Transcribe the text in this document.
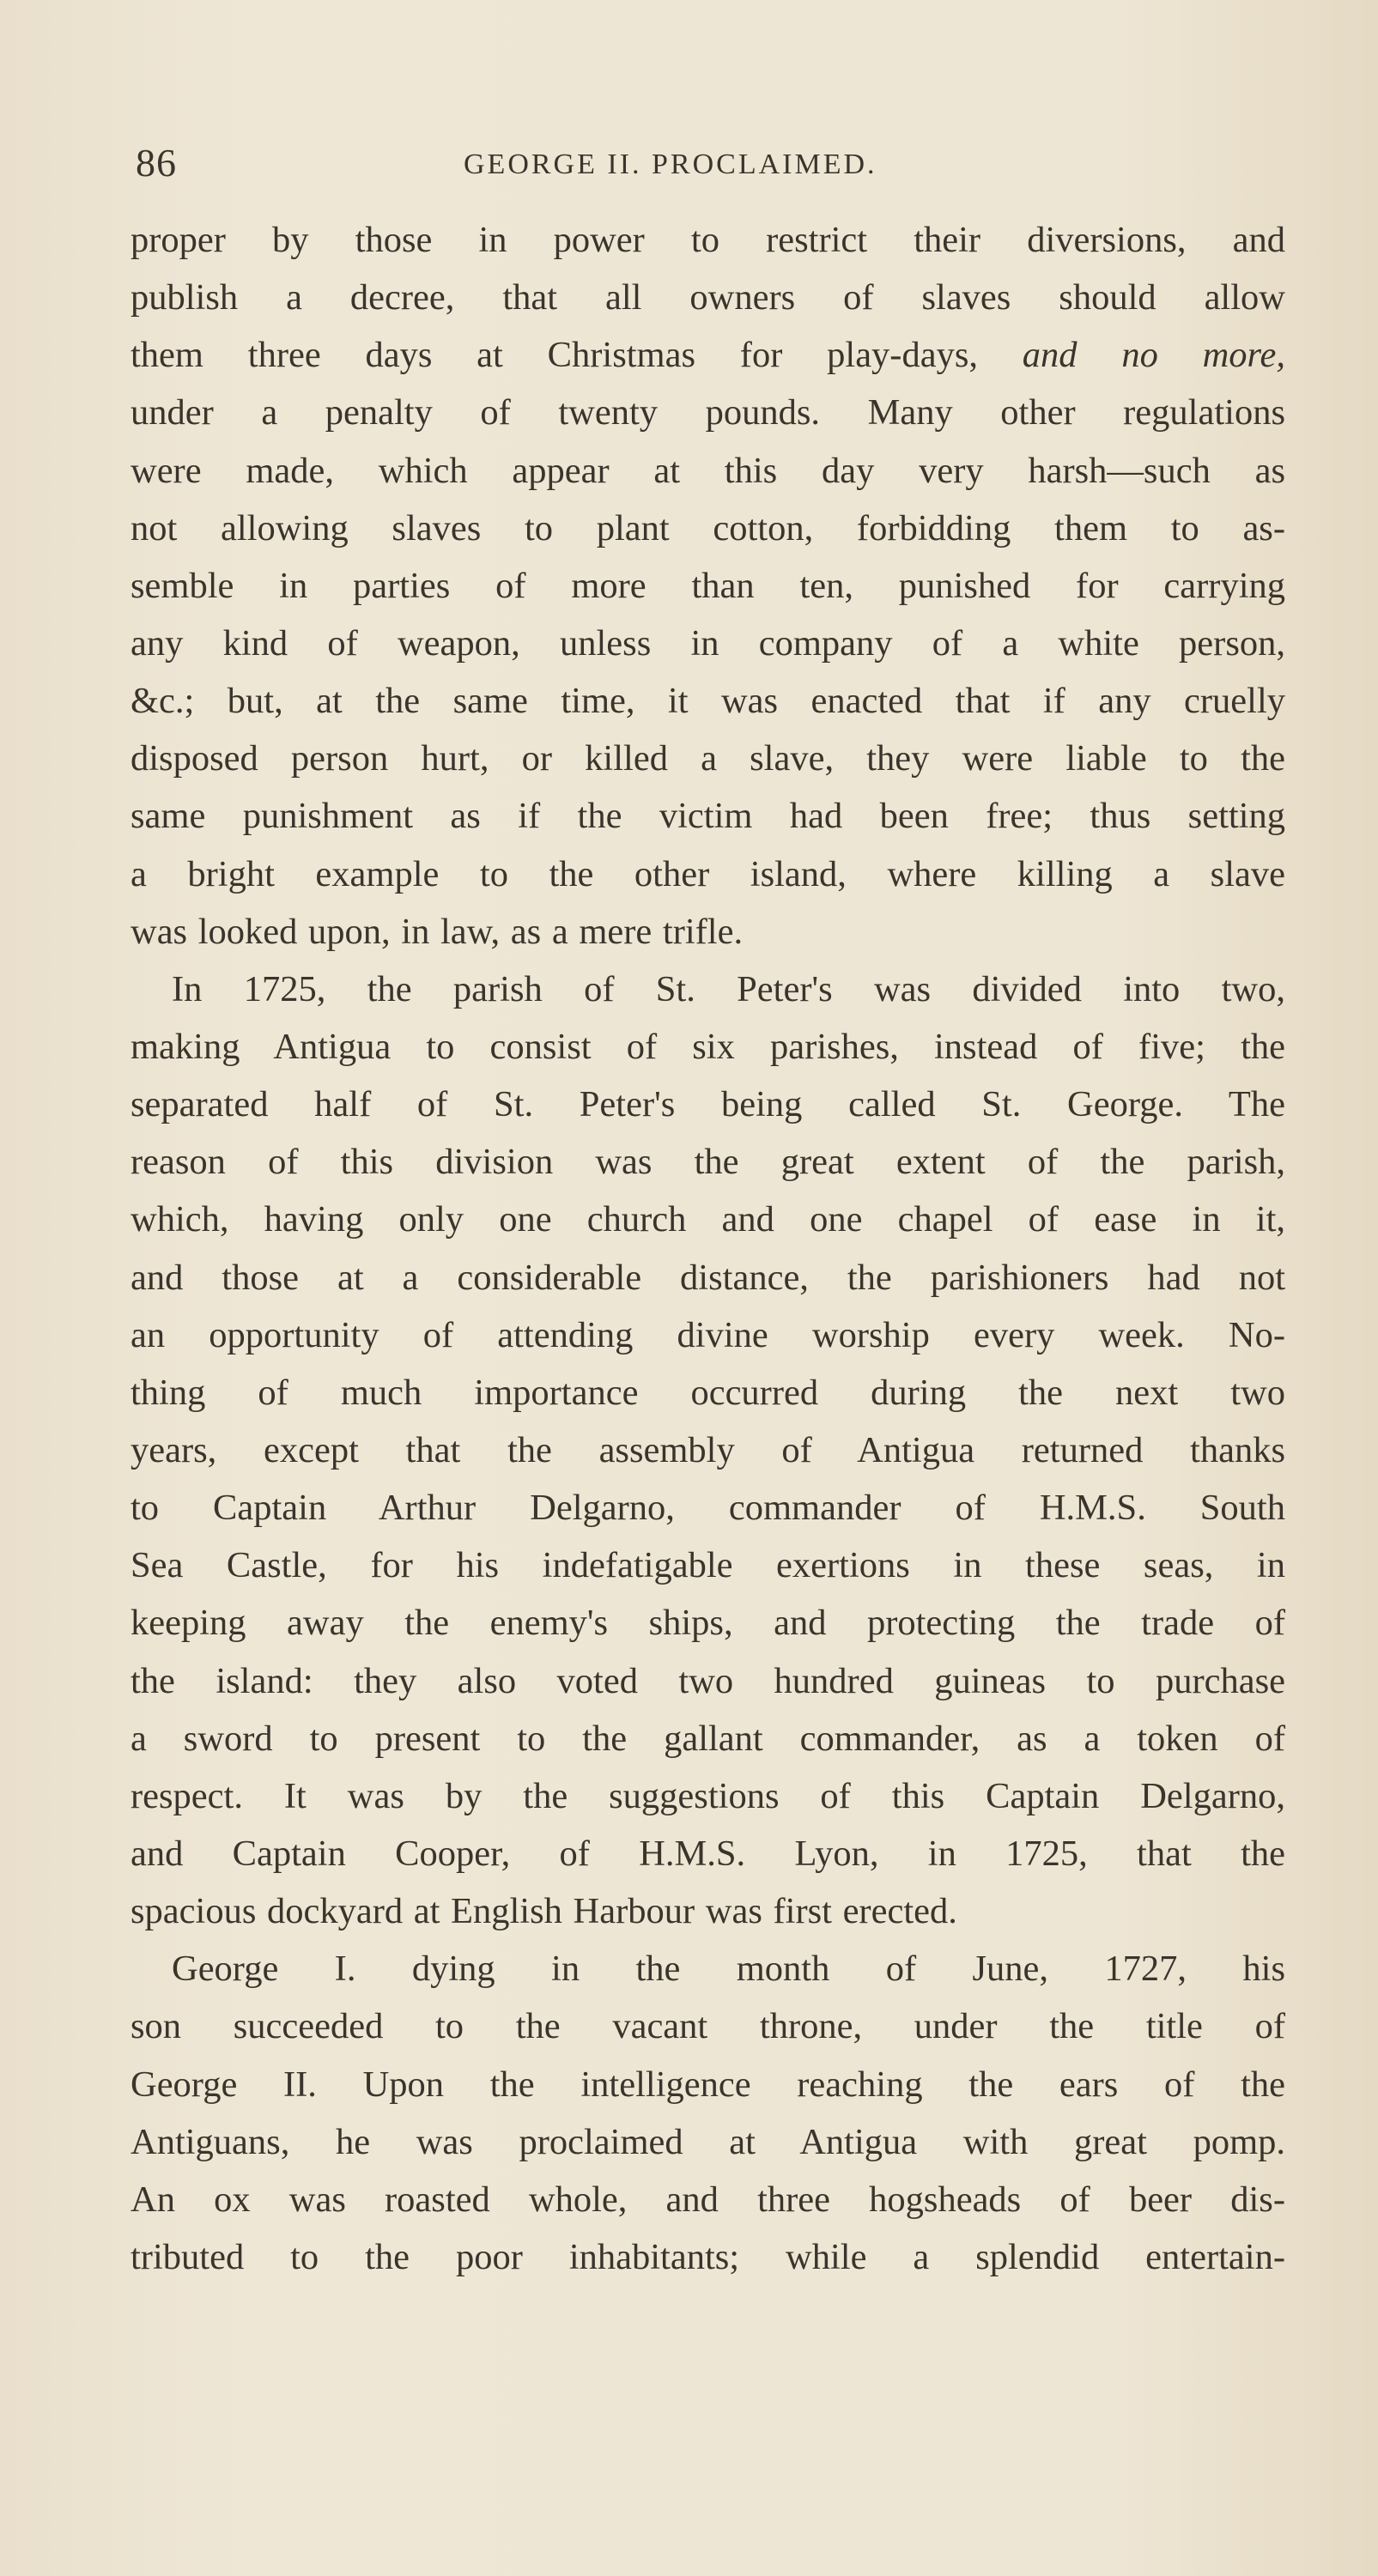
86	GEORGE II. PROCLAIMED.
proper by those in power to restrict their diversions, and
publish a decree, that all owners of slaves should allow
them three days at Christmas for play-days, and no more,
under a penalty of twenty pounds. Many other regulations
were made, which appear at this day very harsh—such as
not allowing slaves to plant cotton, forbidding them to as-
semble in parties of more than ten, punished for carrying
any kind of weapon, unless in company of a white person,
&c.; but, at the same time, it was enacted that if any cruelly
disposed person hurt, or killed a slave, they were liable to the
same punishment as if the victim had been free; thus setting
a bright example to the other island, where killing a slave
was looked upon, in law, as a mere trifle.
In 1725, the parish of St. Peter's was divided into two,
making Antigua to consist of six parishes, instead of five; the
separated half of St. Peter's being called St. George. The
reason of this division was the great extent of the parish,
which, having only one church and one chapel of ease in it,
and those at a considerable distance, the parishioners had not
an opportunity of attending divine worship every week. No-
thing of much importance occurred during the next two
years, except that the assembly of Antigua returned thanks
to Captain Arthur Delgarno, commander of H.M.S. South
Sea Castle, for his indefatigable exertions in these seas, in
keeping away the enemy's ships, and protecting the trade of
the island: they also voted two hundred guineas to purchase
a sword to present to the gallant commander, as a token of
respect. It was by the suggestions of this Captain Delgarno,
and Captain Cooper, of H.M.S. Lyon, in 1725, that the
spacious dockyard at English Harbour was first erected.
George I. dying in the month of June, 1727, his
son succeeded to the vacant throne, under the title of
George II. Upon the intelligence reaching the ears of the
Antiguans, he was proclaimed at Antigua with great pomp.
An ox was roasted whole, and three hogsheads of beer dis-
tributed to the poor inhabitants; while a splendid entertain-
